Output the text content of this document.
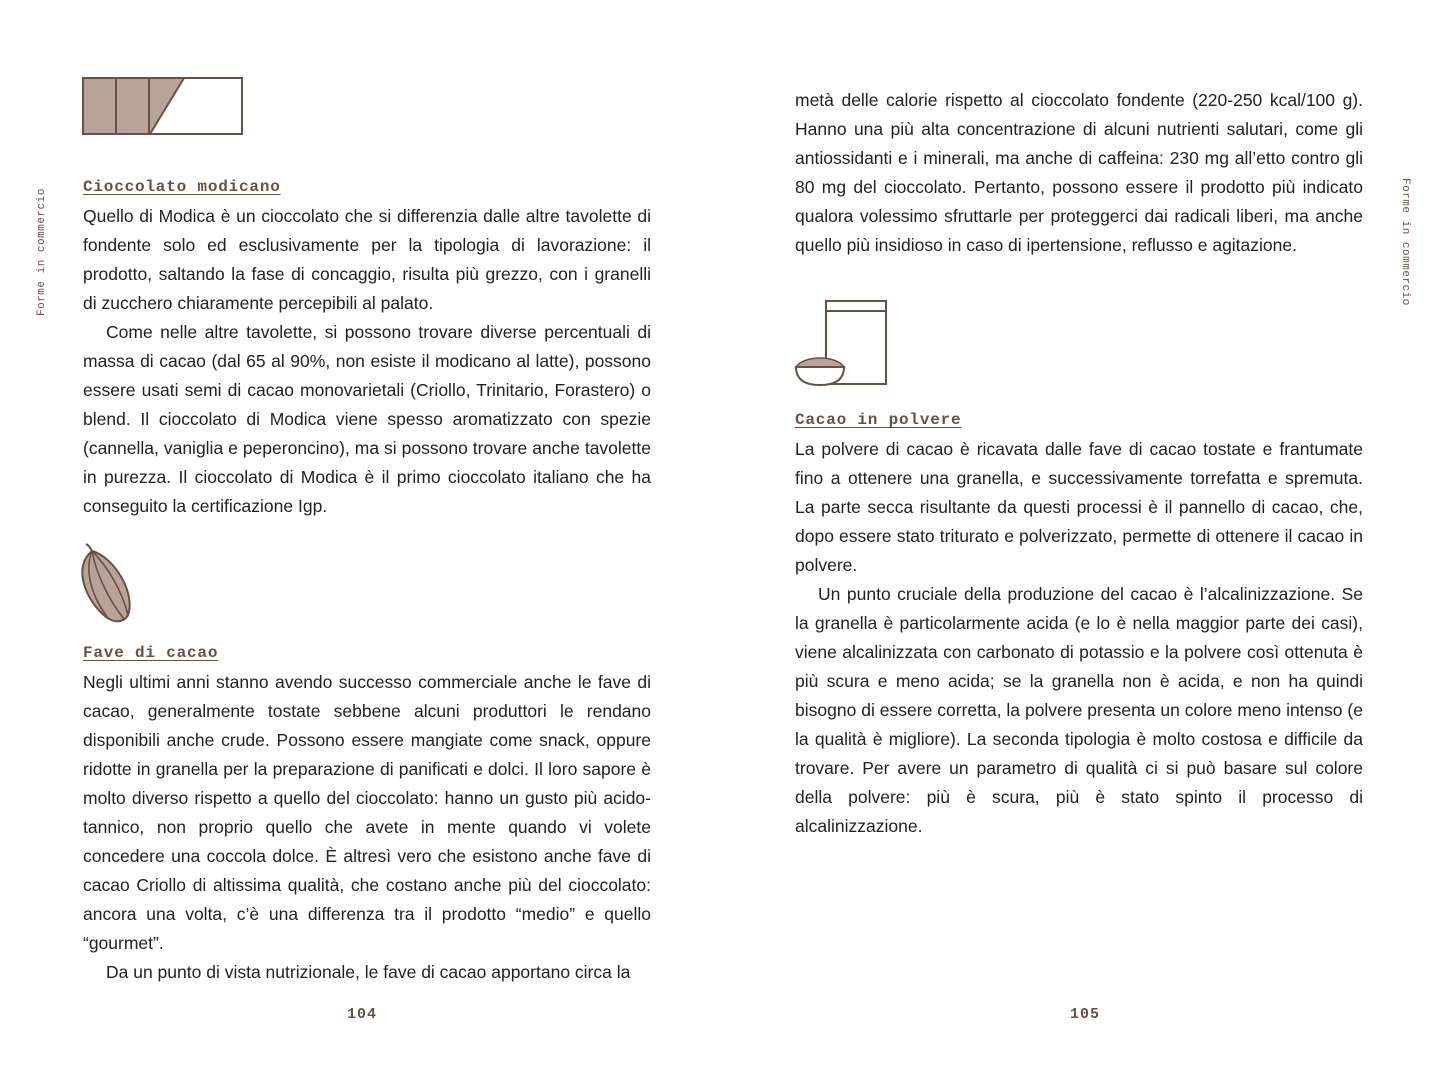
Forme in commercio
Cioccolato modicano

Quello di Modica è un cioccolato che si differenzia dalle altre tavolette di fondente solo ed esclusivamente per la tipologia di lavorazione: il prodotto, saltando la fase di concaggio, risulta più grezzo, con i granelli di zucchero chiaramente percepibili al palato.

Come nelle altre tavolette, si possono trovare diverse percentuali di massa di cacao (dal 65 al 90%, non esiste il modicano al latte), possono essere usati semi di cacao monovarietali (Criollo, Trinitario, Forastero) o blend. Il cioccolato di Modica viene spesso aromatizzato con spezie (cannella, vaniglia e peperoncino), ma si possono trovare anche tavolette in purezza. Il cioccolato di Modica è il primo cioccolato italiano che ha conseguito la certificazione Igp.

Fave di cacao

Negli ultimi anni stanno avendo successo commerciale anche le fave di cacao, generalmente tostate sebbene alcuni produttori le rendano disponibili anche crude. Possono essere mangiate come snack, oppure ridotte in granella per la preparazione di panificati e dolci. Il loro sapore è molto diverso rispetto a quello del cioccolato: hanno un gusto più acido-tannico, non proprio quello che avete in mente quando vi volete concedere una coccola dolce. È altresì vero che esistono anche fave di cacao Criollo di altissima qualità, che costano anche più del cioccolato: ancora una volta, c’è una differenza tra il prodotto “medio” e quello “gourmet”.

Da un punto di vista nutrizionale, le fave di cacao apportano circa la

104

metà delle calorie rispetto al cioccolato fondente (220-250 kcal/100 g). Hanno una più alta concentrazione di alcuni nutrienti salutari, come gli antiossidanti e i minerali, ma anche di caffeina: 230 mg all’etto contro gli 80 mg del cioccolato. Pertanto, possono essere il prodotto più indicato qualora volessimo sfruttarle per proteggerci dai radicali liberi, ma anche quello più insidioso in caso di ipertensione, reflusso e agitazione.

Cacao in polvere

La polvere di cacao è ricavata dalle fave di cacao tostate e frantumate fino a ottenere una granella, e successivamente torrefatta e spremuta. La parte secca risultante da questi processi è il pannello di cacao, che, dopo essere stato triturato e polverizzato, permette di ottenere il cacao in polvere.

Un punto cruciale della produzione del cacao è l’alcalinizzazione. Se la granella è particolarmente acida (e lo è nella maggior parte dei casi), viene alcalinizzata con carbonato di potassio e la polvere così ottenuta è più scura e meno acida; se la granella non è acida, e non ha quindi bisogno di essere corretta, la polvere presenta un colore meno intenso (e la qualità è migliore). La seconda tipologia è molto costosa e difficile da trovare. Per avere un parametro di qualità ci si può basare sul colore della polvere: più è scura, più è stato spinto il processo di alcalinizzazione.

105
Forme in commercio
